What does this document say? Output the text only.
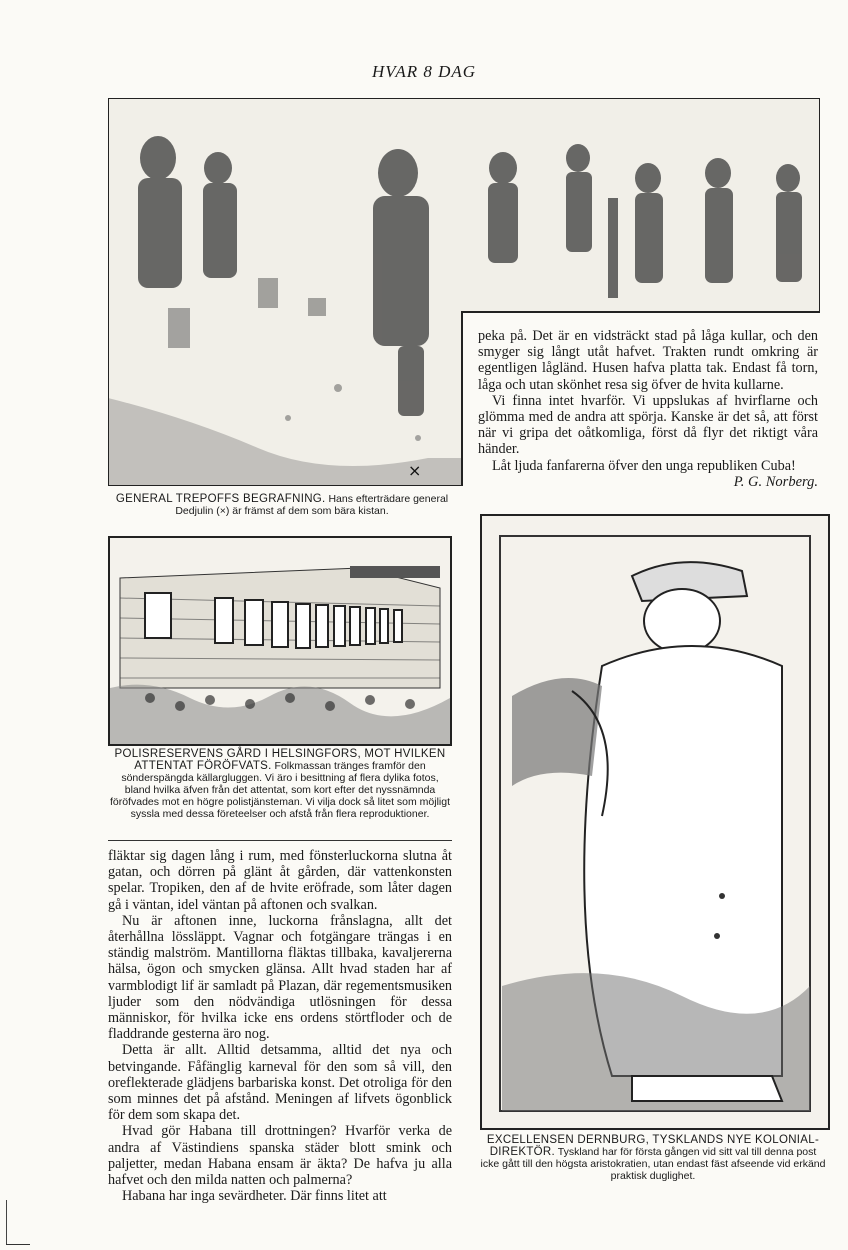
HVAR 8 DAG
×
GENERAL TREPOFFS BEGRAFNING. Hans efterträdare general Dedjulin (×) är främst af dem som bära kistan.

peka på. Det är en vidsträckt stad på låga kullar, och den smyger sig långt utåt hafvet. Trakten rundt omkring är egentligen lågländ. Husen hafva platta tak. Endast få torn, låga och utan skönhet resa sig öfver de hvita kullarne.

Vi finna intet hvarför. Vi uppslukas af hvirflarne och glömma med de andra att spörja. Kanske är det så, att först när vi gripa det oåtkomliga, först då flyr det riktigt våra händer.

Låt ljuda fanfarerna öfver den unga republiken Cuba!

P. G. Norberg.
POLISRESERVENS GÅRD I HELSINGFORS, MOT HVILKEN ATTENTAT FÖRÖFVATS. Folkmassan tränges framför den sönderspängda källargluggen. Vi äro i besittning af flera dylika fotos, bland hvilka äfven från det attentat, som kort efter det nyssnämnda föröfvades mot en högre polistjänsteman. Vi vilja dock så litet som möjligt syssla med dessa företeelser och afstå från flera reproduktioner.

fläktar sig dagen lång i rum, med fönsterluckorna slutna åt gatan, och dörren på glänt åt gården, där vattenkonsten spelar. Tropiken, den af de hvite eröfrade, som låter dagen gå i väntan, idel väntan på aftonen och svalkan.

Nu är aftonen inne, luckorna frånslagna, allt det återhållna lössläppt. Vagnar och fotgängare trängas i en ständig malström. Mantillorna fläktas tillbaka, kavaljererna hälsa, ögon och smycken glänsa. Allt hvad staden har af varmblodigt lif är samladt på Plazan, där regementsmusiken ljuder som den nödvändiga utlösningen för dessa människor, för hvilka icke ens ordens störtfloder och de fladdrande gesterna äro nog.

Detta är allt. Alltid detsamma, alltid det nya och betvingande. Fåfänglig karneval för den som så vill, den oreflekterade glädjens barbariska konst. Det otroliga för den som minnes det på afstånd. Meningen af lifvets ögonblick för dem som skapa det.

Hvad gör Habana till drottningen? Hvarför verka de andra af Västindiens spanska städer blott smink och paljetter, medan Habana ensam är äkta? De hafva ju alla hafvet och den milda natten och palmerna?

Habana har inga sevärdheter. Där finns litet att

EXCELLENSEN DERNBURG, TYSKLANDS NYE KOLONIAL-DIREKTÖR. Tyskland har för första gången vid sitt val till denna post icke gått till den högsta aristokratien, utan endast fäst afseende vid erkänd praktisk duglighet.
